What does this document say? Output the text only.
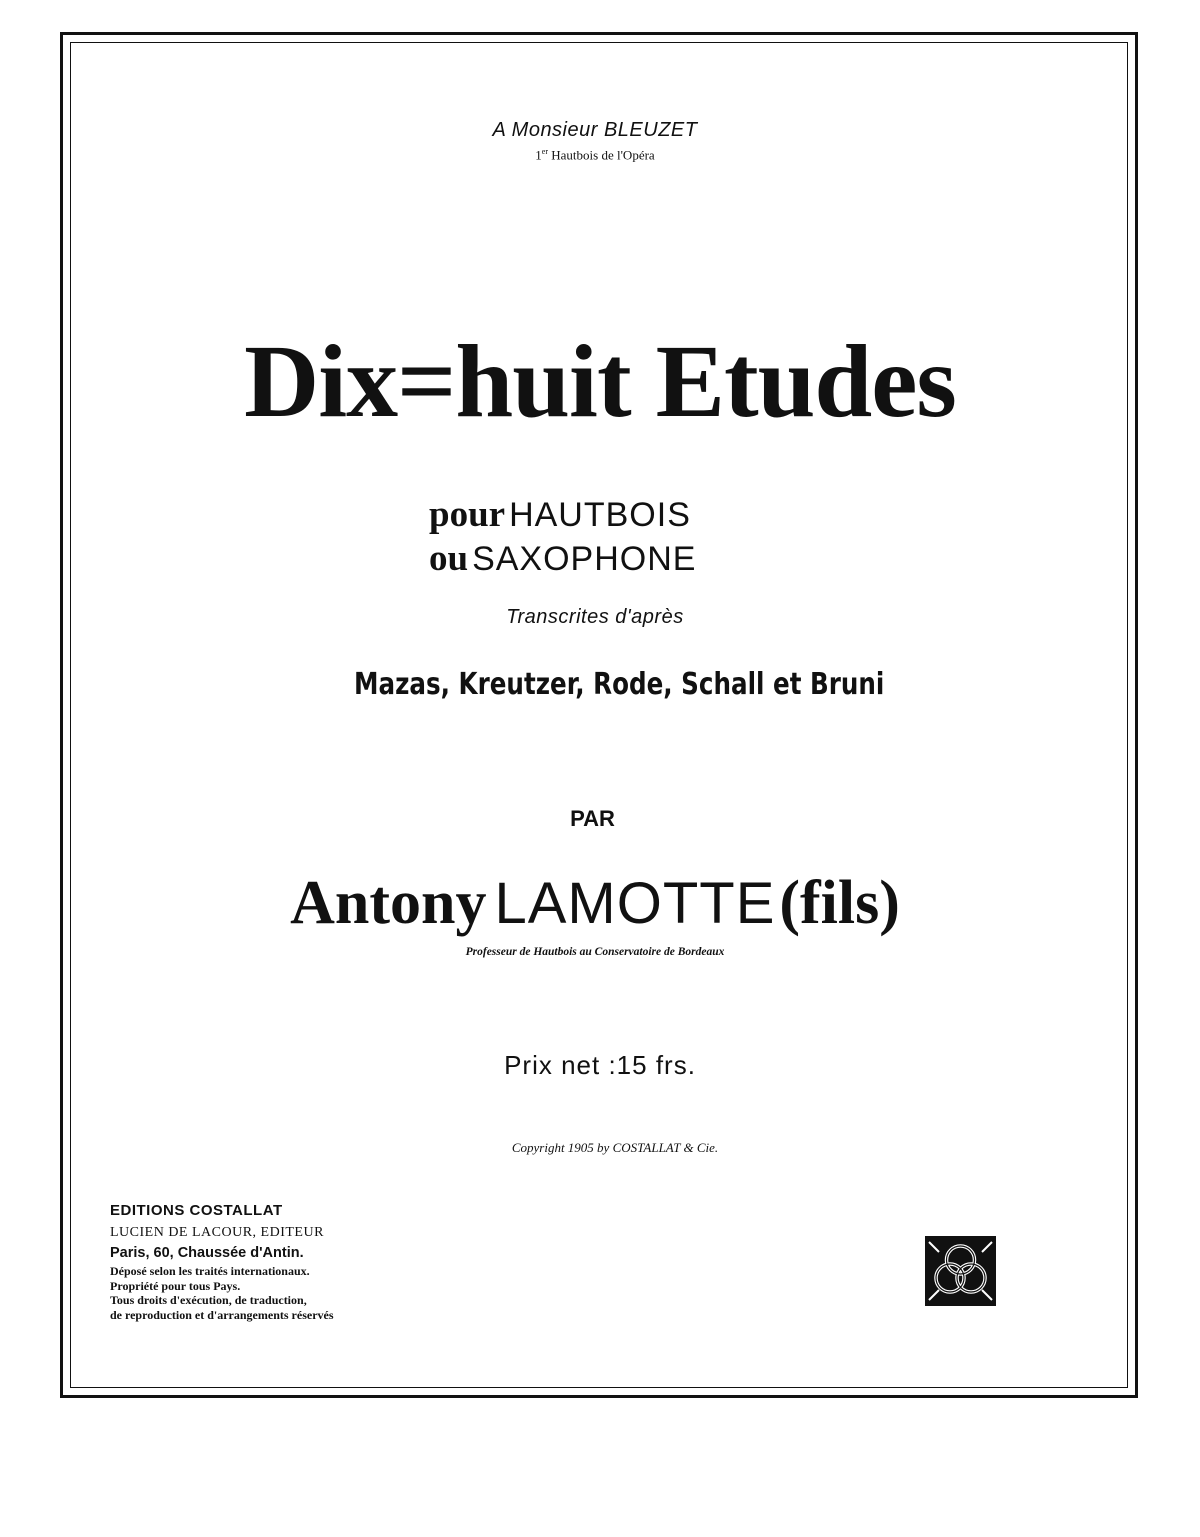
A Monsieur BLEUZET
1er Hautbois de l'Opéra
Dix=huit Etudes
pour HAUTBOIS
ou SAXOPHONE
Transcrites d'après
Mazas, Kreutzer, Rode, Schall et Bruni
PAR
Antony LAMOTTE (fils)
Professeur de Hautbois au Conservatoire de Bordeaux
Prix net :15 frs.
Copyright 1905 by COSTALLAT & Cie.
EDITIONS COSTALLAT
LUCIEN DE LACOUR, EDITEUR
Paris, 60, Chaussée d'Antin.
Déposé selon les traités internationaux.
Propriété pour tous Pays.
Tous droits d'exécution, de traduction,
de reproduction et d'arrangements réservés
